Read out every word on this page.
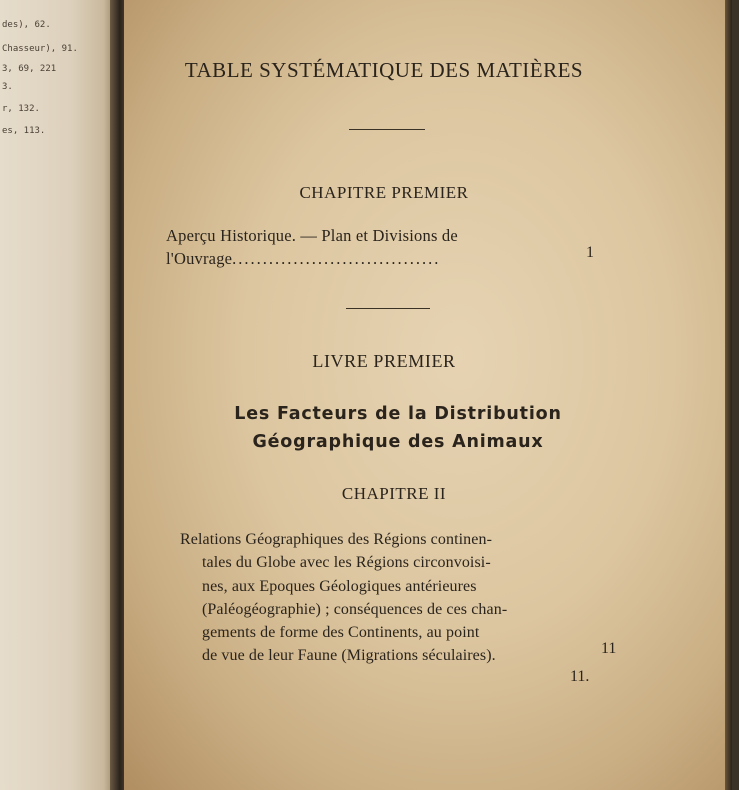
des), 62.
Chasseur), 91.
3, 69, 221
3.
r, 132.
es, 113.
TABLE SYSTÉMATIQUE DES MATIÈRES
CHAPITRE PREMIER
Aperçu Historique. — Plan et Divisions de
l'Ouvrage..................................	1
LIVRE PREMIER
Les Facteurs de la Distribution
Géographique des Animaux
CHAPITRE II
Relations Géographiques des Régions continen-
tales du Globe avec les Régions circonvoisi-
nes, aux Epoques Géologiques antérieures
(Paléogéographie) ; conséquences de ces chan-
gements de forme des Continents, au point
de vue de leur Faune (Migrations séculaires).	11
11.
